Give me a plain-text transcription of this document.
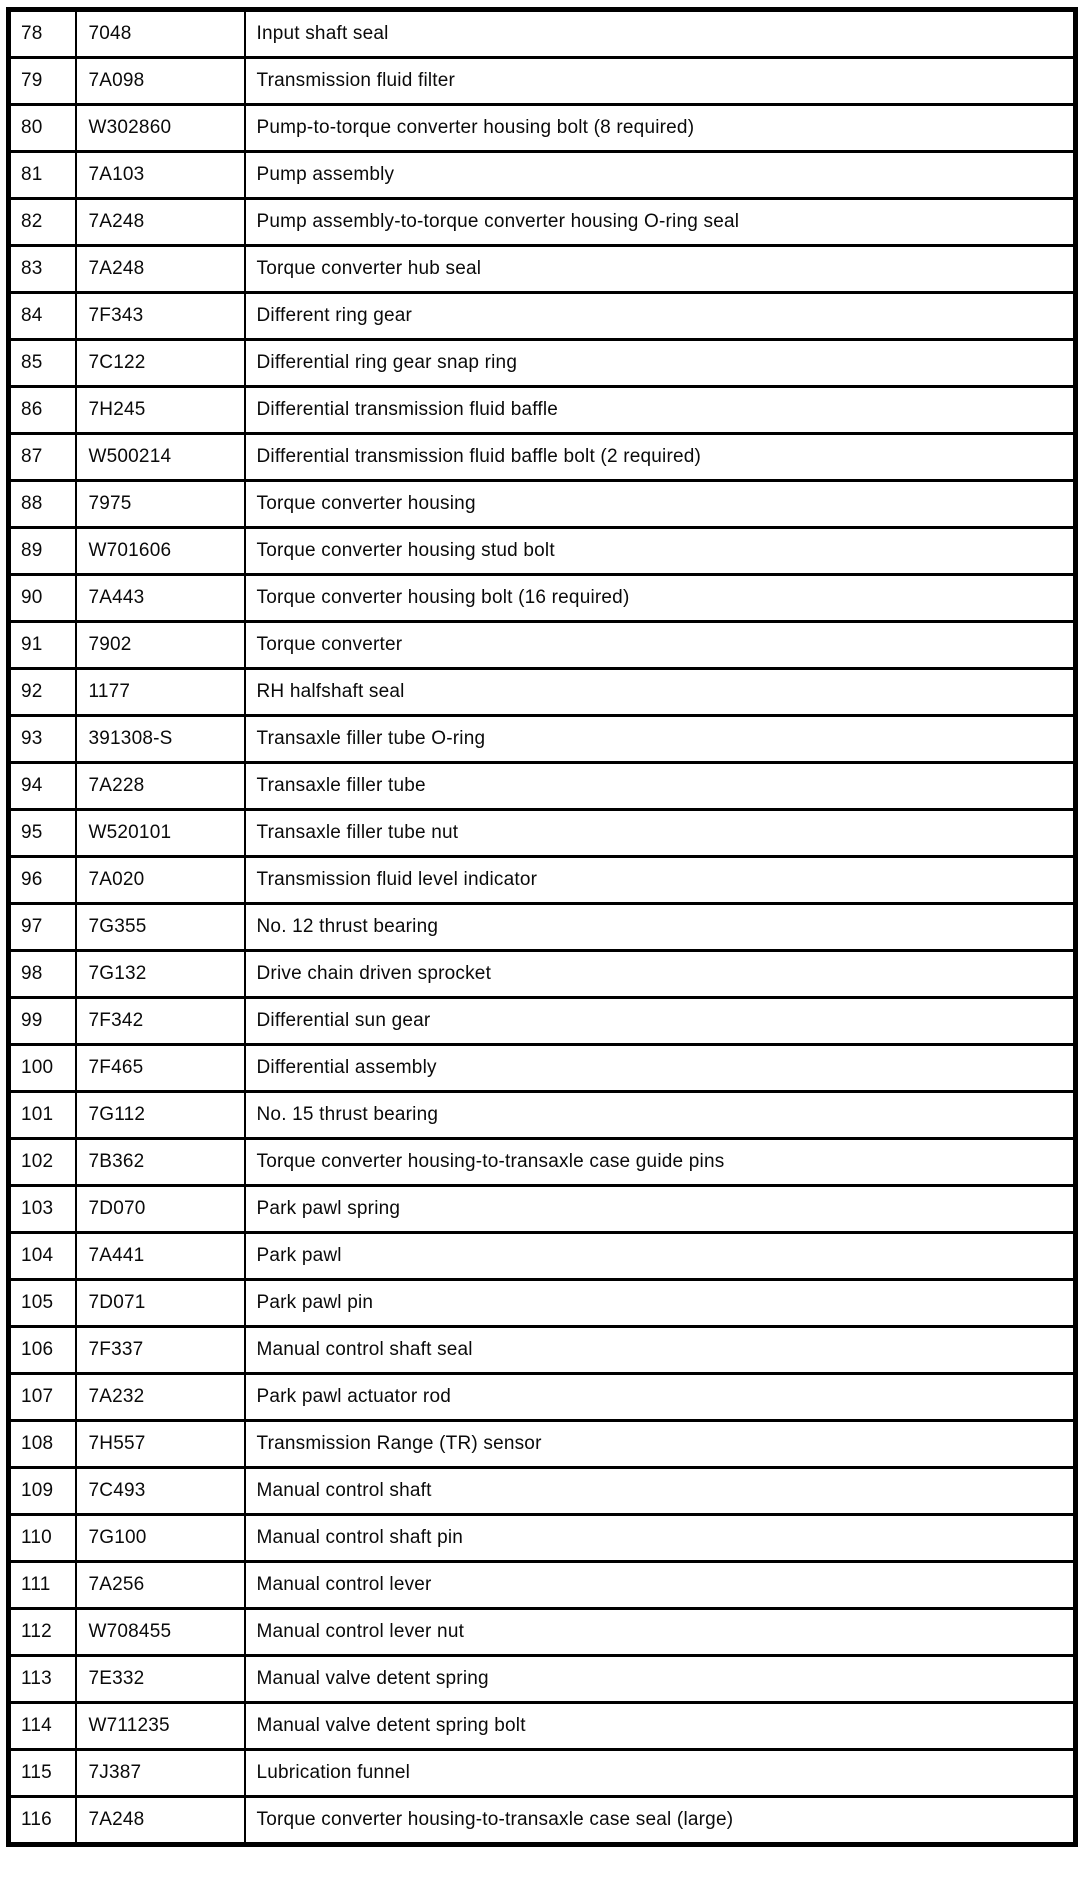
78	7048	Input shaft seal
79	7A098	Transmission fluid filter
80	W302860	Pump-to-torque converter housing bolt (8 required)
81	7A103	Pump assembly
82	7A248	Pump assembly-to-torque converter housing O-ring seal
83	7A248	Torque converter hub seal
84	7F343	Different ring gear
85	7C122	Differential ring gear snap ring
86	7H245	Differential transmission fluid baffle
87	W500214	Differential transmission fluid baffle bolt (2 required)
88	7975	Torque converter housing
89	W701606	Torque converter housing stud bolt
90	7A443	Torque converter housing bolt (16 required)
91	7902	Torque converter
92	1177	RH halfshaft seal
93	391308-S	Transaxle filler tube O-ring
94	7A228	Transaxle filler tube
95	W520101	Transaxle filler tube nut
96	7A020	Transmission fluid level indicator
97	7G355	No. 12 thrust bearing
98	7G132	Drive chain driven sprocket
99	7F342	Differential sun gear
100	7F465	Differential assembly
101	7G112	No. 15 thrust bearing
102	7B362	Torque converter housing-to-transaxle case guide pins
103	7D070	Park pawl spring
104	7A441	Park pawl
105	7D071	Park pawl pin
106	7F337	Manual control shaft seal
107	7A232	Park pawl actuator rod
108	7H557	Transmission Range (TR) sensor
109	7C493	Manual control shaft
110	7G100	Manual control shaft pin
111	7A256	Manual control lever
112	W708455	Manual control lever nut
113	7E332	Manual valve detent spring
114	W711235	Manual valve detent spring bolt
115	7J387	Lubrication funnel
116	7A248	Torque converter housing-to-transaxle case seal (large)
